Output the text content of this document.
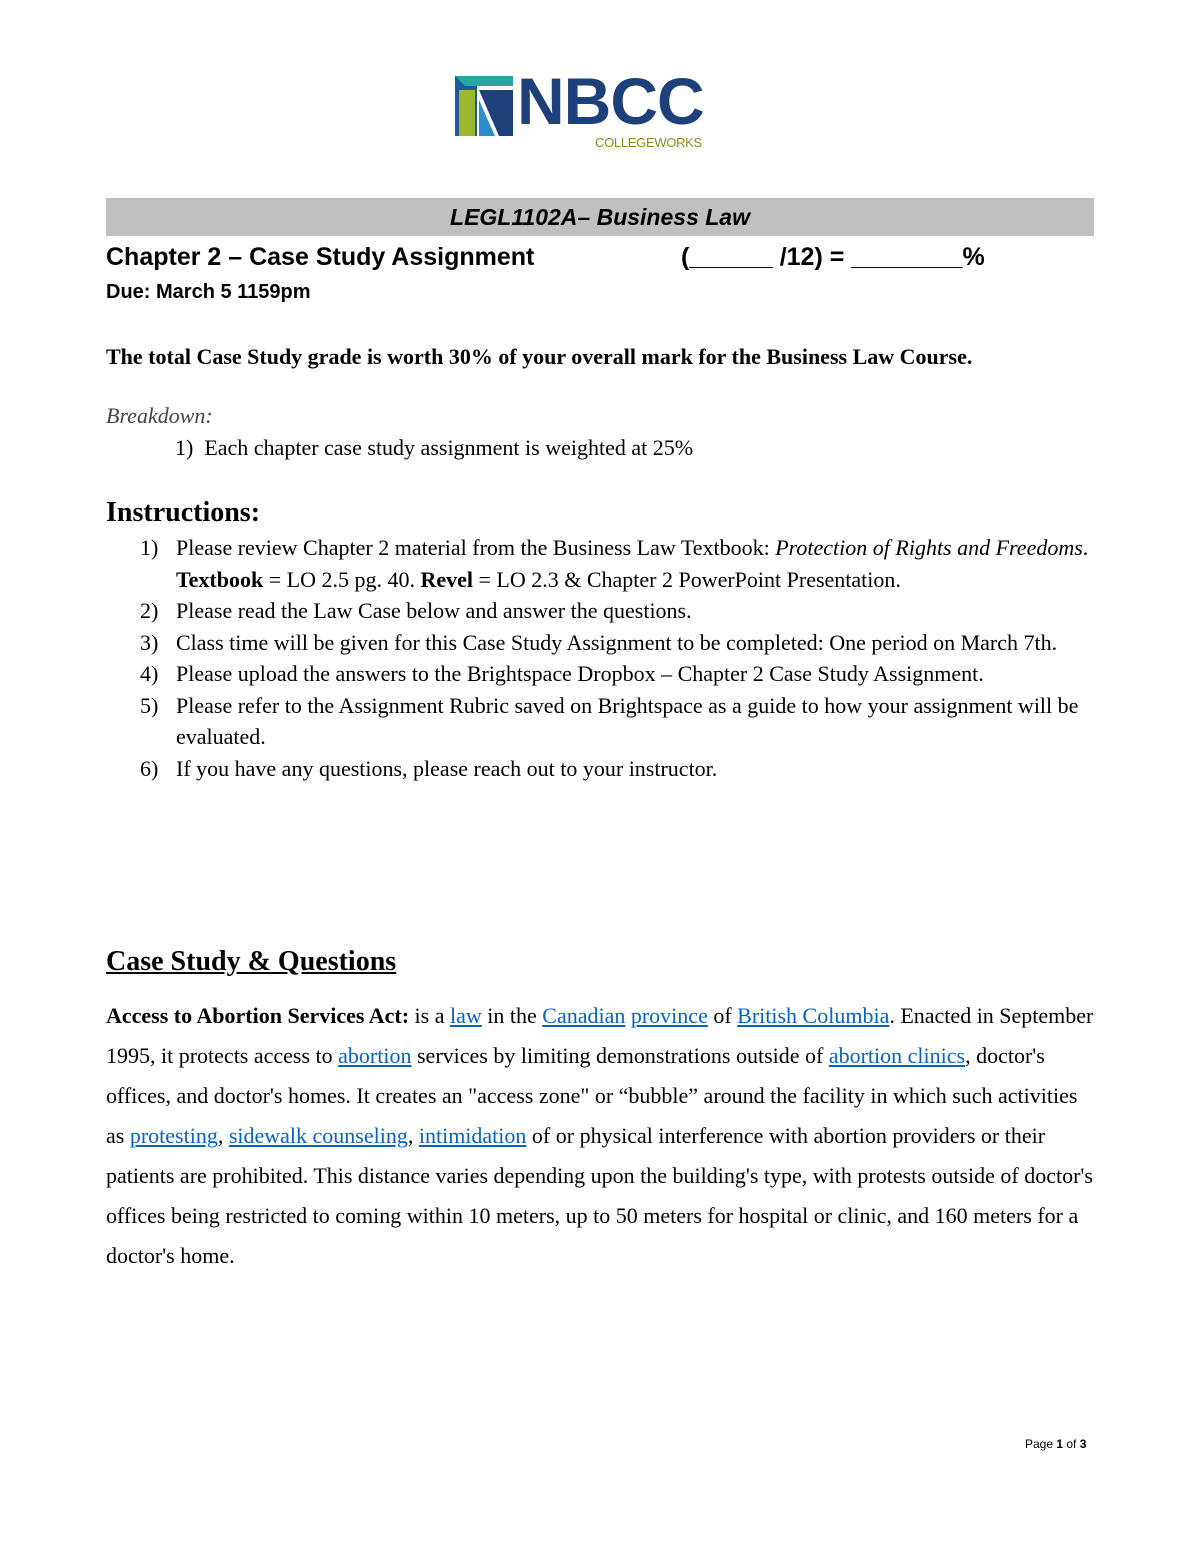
NBCC
COLLEGEWORKS
LEGL1102A– Business Law
Chapter 2 – Case Study Assignment	(______ /12) = ________%
Due: March 5 1159pm
The total Case Study grade is worth 30% of your overall mark for the Business Law Course.
Breakdown:
1) Each chapter case study assignment is weighted at 25%
Instructions:
1) Please review Chapter 2 material from the Business Law Textbook: Protection of Rights and Freedoms. Textbook = LO 2.5 pg. 40. Revel = LO 2.3 & Chapter 2 PowerPoint Presentation.
2) Please read the Law Case below and answer the questions.
3) Class time will be given for this Case Study Assignment to be completed: One period on March 7th.
4) Please upload the answers to the Brightspace Dropbox – Chapter 2 Case Study Assignment.
5) Please refer to the Assignment Rubric saved on Brightspace as a guide to how your assignment will be evaluated.
6) If you have any questions, please reach out to your instructor.
Case Study & Questions
Access to Abortion Services Act: is a law in the Canadian province of British Columbia. Enacted in September 1995, it protects access to abortion services by limiting demonstrations outside of abortion clinics, doctor's offices, and doctor's homes. It creates an "access zone" or “bubble” around the facility in which such activities as protesting, sidewalk counseling, intimidation of or physical interference with abortion providers or their patients are prohibited. This distance varies depending upon the building's type, with protests outside of doctor's offices being restricted to coming within 10 meters, up to 50 meters for hospital or clinic, and 160 meters for a doctor's home.
Page 1 of 3
